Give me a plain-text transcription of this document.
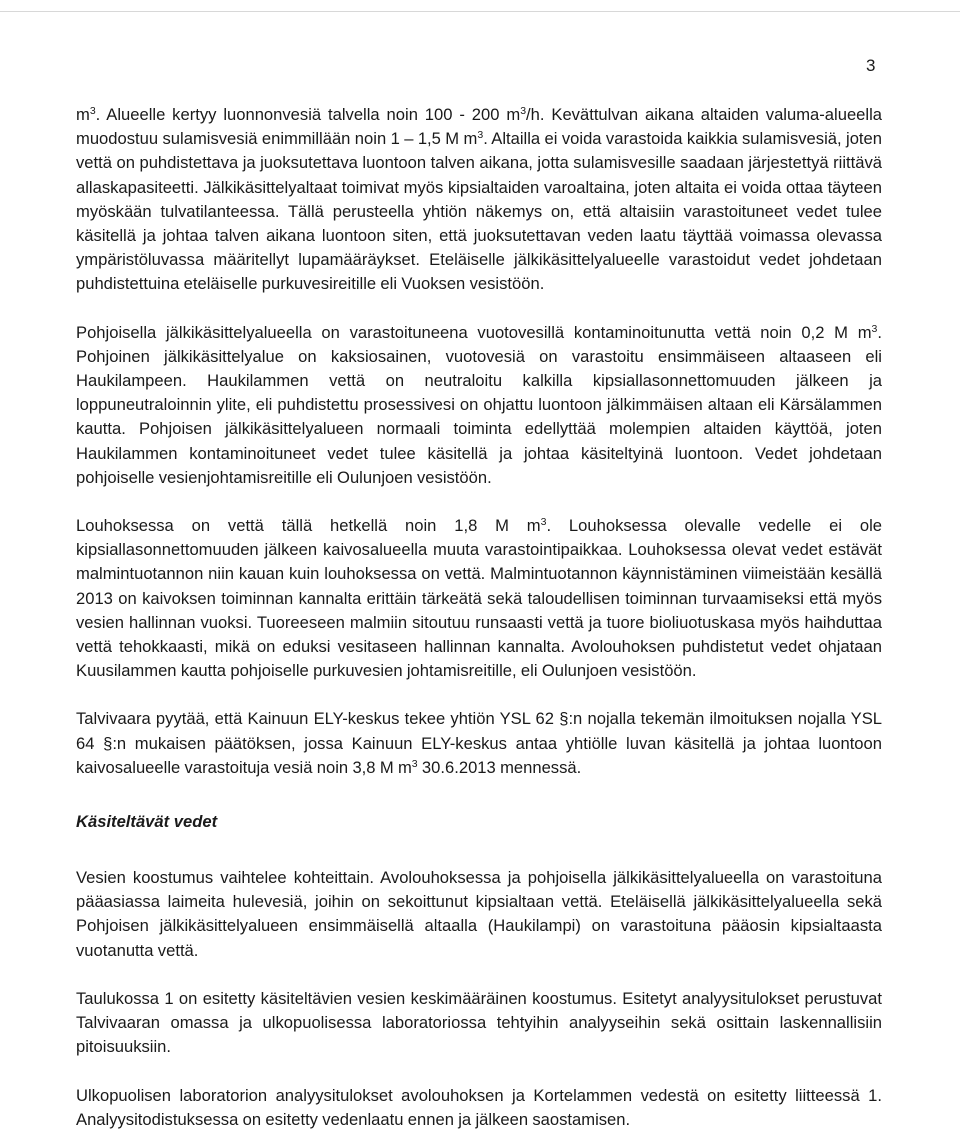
3

$m^3$. Alueelle kertyy luonnonvesiä talvella noin 100 - 200 $m^3/h$. Kevättulvan aikana altaiden valuma-alueella muodostuu sulamisvesiä enimmillään noin 1 – 1,5 M $m^3$. Altailla ei voida varastoida kaikkia sulamisvesiä, joten vettä on puhdistettava ja juoksutettava luontoon talven aikana, jotta sulamisvesille saadaan järjestettyä riittävä allaskapasiteetti. Jälkikäsittelyaltaat toimivat myös kipsialtaiden varoaltaina, joten altaita ei voida ottaa täyteen myöskään tulvatilanteessa. Tällä perusteella yhtiön näkemys on, että altaisiin varastoituneet vedet tulee käsitellä ja johtaa talven aikana luontoon siten, että juoksutettavan veden laatu täyttää voimassa olevassa ympäristöluvassa määritellyt lupamääräykset. Eteläiselle jälkikäsittelyalueelle varastoidut vedet johdetaan puhdistettuina eteläiselle purkuvesireitille eli Vuoksen vesistöön.

Pohjoisella jälkikäsittelyalueella on varastoituneena vuotovesillä kontaminoitunutta vettä noin 0,2 M $m^3$. Pohjoinen jälkikäsittelyalue on kaksiosainen, vuotovesiä on varastoitu ensimmäiseen altaaseen eli Haukilampeen. Haukilammen vettä on neutraloitu kalkilla kipsiallasonnettomuuden jälkeen ja loppuneutraloinnin ylite, eli puhdistettu prosessivesi on ohjattu luontoon jälkimmäisen altaan eli Kärsälammen kautta. Pohjoisen jälkikäsittelyalueen normaali toiminta edellyttää molempien altaiden käyttöä, joten Haukilammen kontaminoituneet vedet tulee käsitellä ja johtaa käsiteltyinä luontoon. Vedet johdetaan pohjoiselle vesienjohtamisreitille eli Oulunjoen vesistöön.

Louhoksessa on vettä tällä hetkellä noin 1,8 M $m^3$. Louhoksessa olevalle vedelle ei ole kipsiallasonnettomuuden jälkeen kaivosalueella muuta varastointipaikkaa. Louhoksessa olevat vedet estävät malmintuotannon niin kauan kuin louhoksessa on vettä. Malmintuotannon käynnistäminen viimeistään kesällä 2013 on kaivoksen toiminnan kannalta erittäin tärkeätä sekä taloudellisen toiminnan turvaamiseksi että myös vesien hallinnan vuoksi. Tuoreeseen malmiin sitoutuu runsaasti vettä ja tuore bioliuotuskasa myös haihduttaa vettä tehokkaasti, mikä on eduksi vesitaseen hallinnan kannalta. Avolouhoksen puhdistetut vedet ohjataan Kuusilammen kautta pohjoiselle purkuvesien johtamisreitille, eli Oulunjoen vesistöön.

Talvivaara pyytää, että Kainuun ELY-keskus tekee yhtiön YSL 62 §:n nojalla tekemän ilmoituksen nojalla YSL 64 §:n mukaisen päätöksen, jossa Kainuun ELY-keskus antaa yhtiölle luvan käsitellä ja johtaa luontoon kaivosalueelle varastoituja vesiä noin 3,8 M $m^3$ 30.6.2013 mennessä.

Käsiteltävät vedet

Vesien koostumus vaihtelee kohteittain. Avolouhoksessa ja pohjoisella jälkikäsittelyalueella on varastoituna pääasiassa laimeita hulevesiä, joihin on sekoittunut kipsialtaan vettä. Eteläisellä jälkikäsittelyalueella sekä Pohjoisen jälkikäsittelyalueen ensimmäisellä altaalla (Haukilampi) on varastoituna pääosin kipsialtaasta vuotanutta vettä.

Taulukossa 1 on esitetty käsiteltävien vesien keskimääräinen koostumus. Esitetyt analyysitulokset perustuvat Talvivaaran omassa ja ulkopuolisessa laboratoriossa tehtyihin analyyseihin sekä osittain laskennallisiin pitoisuuksiin.

Ulkopuolisen laboratorion analyysitulokset avolouhoksen ja Kortelammen vedestä on esitetty liitteessä 1. Analyysitodistuksessa on esitetty vedenlaatu ennen ja jälkeen saostamisen.
